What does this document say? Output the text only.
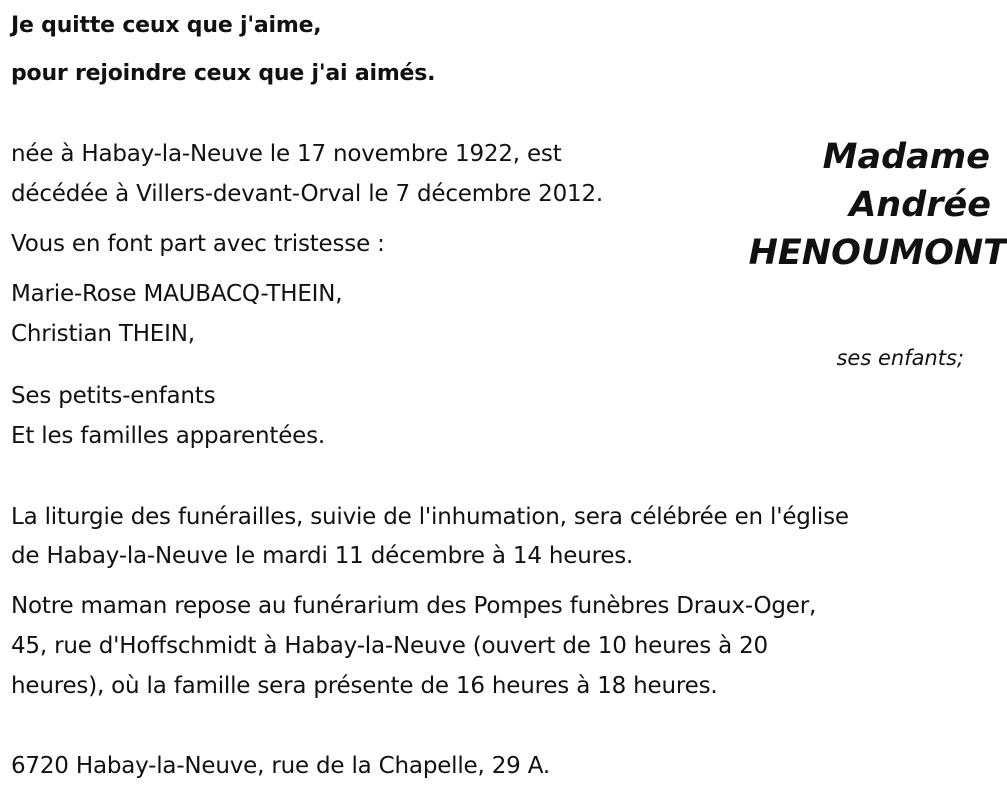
Je quitte ceux que j'aime,
pour rejoindre ceux que j'ai aimés.
Madame
Andrée
HENOUMONT
née à Habay-la-Neuve le 17 novembre 1922, est
décédée à Villers-devant-Orval le 7 décembre 2012.
Vous en font part avec tristesse :
Marie-Rose MAUBACQ-THEIN,
Christian THEIN,
ses enfants;
Ses petits-enfants
Et les familles apparentées.
La liturgie des funérailles, suivie de l'inhumation, sera célébrée en l'église
de Habay-la-Neuve le mardi 11 décembre à 14 heures.
Notre maman repose au funérarium des Pompes funèbres Draux-Oger,
45, rue d'Hoffschmidt à Habay-la-Neuve (ouvert de 10 heures à 20
heures), où la famille sera présente de 16 heures à 18 heures.
6720 Habay-la-Neuve, rue de la Chapelle, 29 A.
